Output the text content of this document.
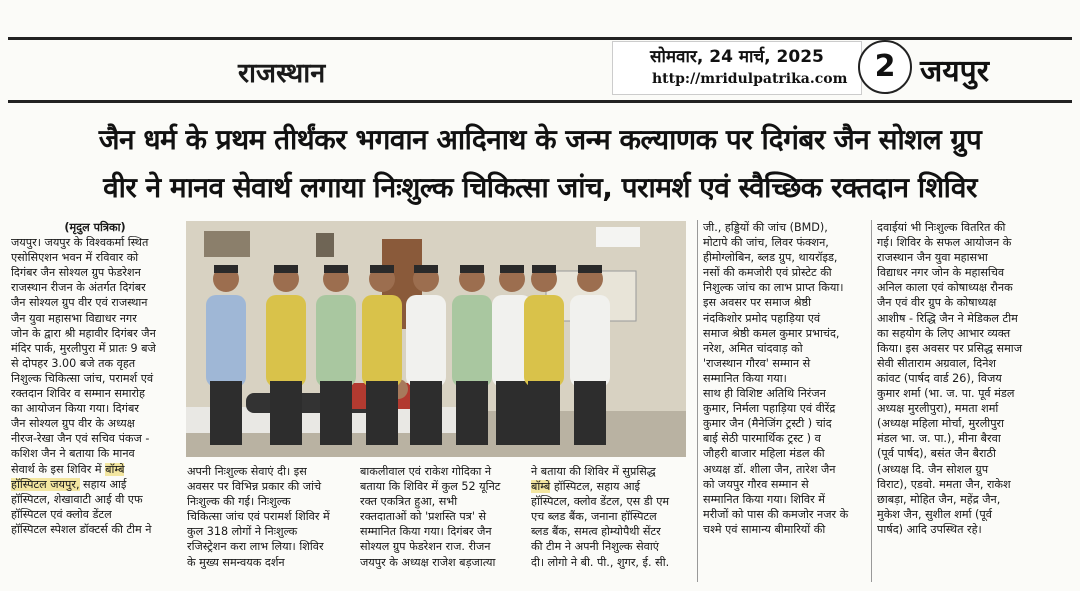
राजस्थान
सोमवार, 24 मार्च, 2025
http://mridulpatrika.com 2 जयपुर
जैन धर्म के प्रथम तीर्थंकर भगवान आदिनाथ के जन्म कल्याणक पर दिगंबर जैन सोशल ग्रुप
वीर ने मानव सेवार्थ लगाया निःशुल्क चिकित्सा जांच, परामर्श एवं स्वैच्छिक रक्तदान शिविर

(मृदुल पत्रिका)

जयपुर। जयपुर के विश्वकर्मा स्थित

एसोसिएशन भवन में रविवार को

दिगंबर जैन सोश्यल ग्रुप फेडरेशन

राजस्थान रीजन के अंतर्गत दिगंबर

जैन सोश्यल ग्रुप वीर एवं राजस्थान

जैन युवा महासभा विद्याधर नगर

जोन के द्वारा श्री महावीर दिगंबर जैन

मंदिर पार्क, मुरलीपुरा में प्रातः 9 बजे

से दोपहर 3.00 बजे तक वृहत

निशुल्क चिकित्सा जांच, परामर्श एवं

रक्तदान शिविर व सम्मान समारोह

का आयोजन किया गया। दिगंबर

जैन सोश्यल ग्रुप वीर के अध्यक्ष

नीरज-रेखा जैन एवं सचिव पंकज -

कशिश जैन ने बताया कि मानव

सेवार्थ के इस शिविर में बॉम्बे

हॉस्पिटल जयपुर, सहाय आई

हॉस्पिटल, शेखावाटी आई वी एफ

हॉस्पिटल एवं क्लोव डेंटल

हॉस्पिटल स्पेशल डॉक्टर्स की टीम ने

अपनी निःशुल्क सेवाएं दी। इस

अवसर पर विभिन्न प्रकार की जांचे

निःशुल्क की गई। निःशुल्क

चिकित्सा जांच एवं परामर्श शिविर में

कुल 318 लोगों ने निःशुल्क

रजिस्ट्रेशन करा लाभ लिया। शिविर

के मुख्य समन्वयक दर्शन

बाकलीवाल एवं राकेश गोदिका ने

बताया कि शिविर में कुल 52 यूनिट

रक्त एकत्रित हुआ, सभी

रक्तदाताओं को 'प्रशस्ति पत्र' से

सम्मानित किया गया। दिगंबर जैन

सोश्यल ग्रुप फेडरेशन राज. रीजन

जयपुर के अध्यक्ष राजेश बड़जात्या

ने बताया की शिविर में सुप्रसिद्ध

बॉम्बे हॉस्पिटल, सहाय आई

हॉस्पिटल, क्लोव डेंटल, एस डी एम

एच ब्लड बैंक, जनाना हॉस्पिटल

ब्लड बैंक, समत्व होम्योपैथी सेंटर

की टीम ने अपनी निशुल्क सेवाएं

दी। लोगो ने बी. पी., शुगर, ई. सी.

जी., हड्डियों की जांच (BMD),

मोटापे की जांच, लिवर फंक्शन,

हीमोग्लोबिन, ब्लड ग्रुप, थायरॉइड,

नसों की कमजोरी एवं प्रोस्टेट की

निशुल्क जांच का लाभ प्राप्त किया।

इस अवसर पर समाज श्रेष्ठी

नंदकिशोर प्रमोद पहाड़िया एवं

समाज श्रेष्ठी कमल कुमार प्रभाचंद,

नरेश, अमित चांदवाड़ को

'राजस्थान गौरव' सम्मान से

सम्मानित किया गया।

साथ ही विशिष्ट अतिथि निरंजन

कुमार, निर्मला पहाड़िया एवं वीरेंद्र

कुमार जैन (मैनेजिंग ट्रस्टी ) चांद

बाई सेठी पारमार्थिक ट्रस्ट ) व

जौहरी बाजार महिला मंडल की

अध्यक्ष डॉ. शीला जैन, तारेश जैन

को जयपुर गौरव सम्मान से

सम्मानित किया गया। शिविर में

मरीजों को पास की कमजोर नजर के

चश्मे एवं सामान्य बीमारियों की

दवाईयां भी निःशुल्क वितरित की

गई। शिविर के सफल आयोजन के

राजस्थान जैन युवा महासभा

विद्याधर नगर जोन के महासचिव

अनिल काला एवं कोषाध्यक्ष रौनक

जैन एवं वीर ग्रुप के कोषाध्यक्ष

आशीष - रिद्धि जैन ने मेडिकल टीम

का सहयोग के लिए आभार व्यक्त

किया। इस अवसर पर प्रसिद्ध समाज

सेवी सीताराम अग्रवाल, दिनेश

कांवट (पार्षद वार्ड 26), विजय

कुमार शर्मा (भा. ज. पा. पूर्व मंडल

अध्यक्ष मुरलीपुरा), ममता शर्मा

(अध्यक्ष महिला मोर्चा, मुरलीपुरा

मंडल भा. ज. पा.), मीना बैरवा

(पूर्व पार्षद), बसंत जैन बैराठी

(अध्यक्ष दि. जैन सोशल ग्रुप

विराट), एडवो. ममता जैन, राकेश

छाबड़ा, मोहित जैन, महेंद्र जैन,

मुकेश जैन, सुशील शर्मा (पूर्व

पार्षद) आदि उपस्थित रहे।
